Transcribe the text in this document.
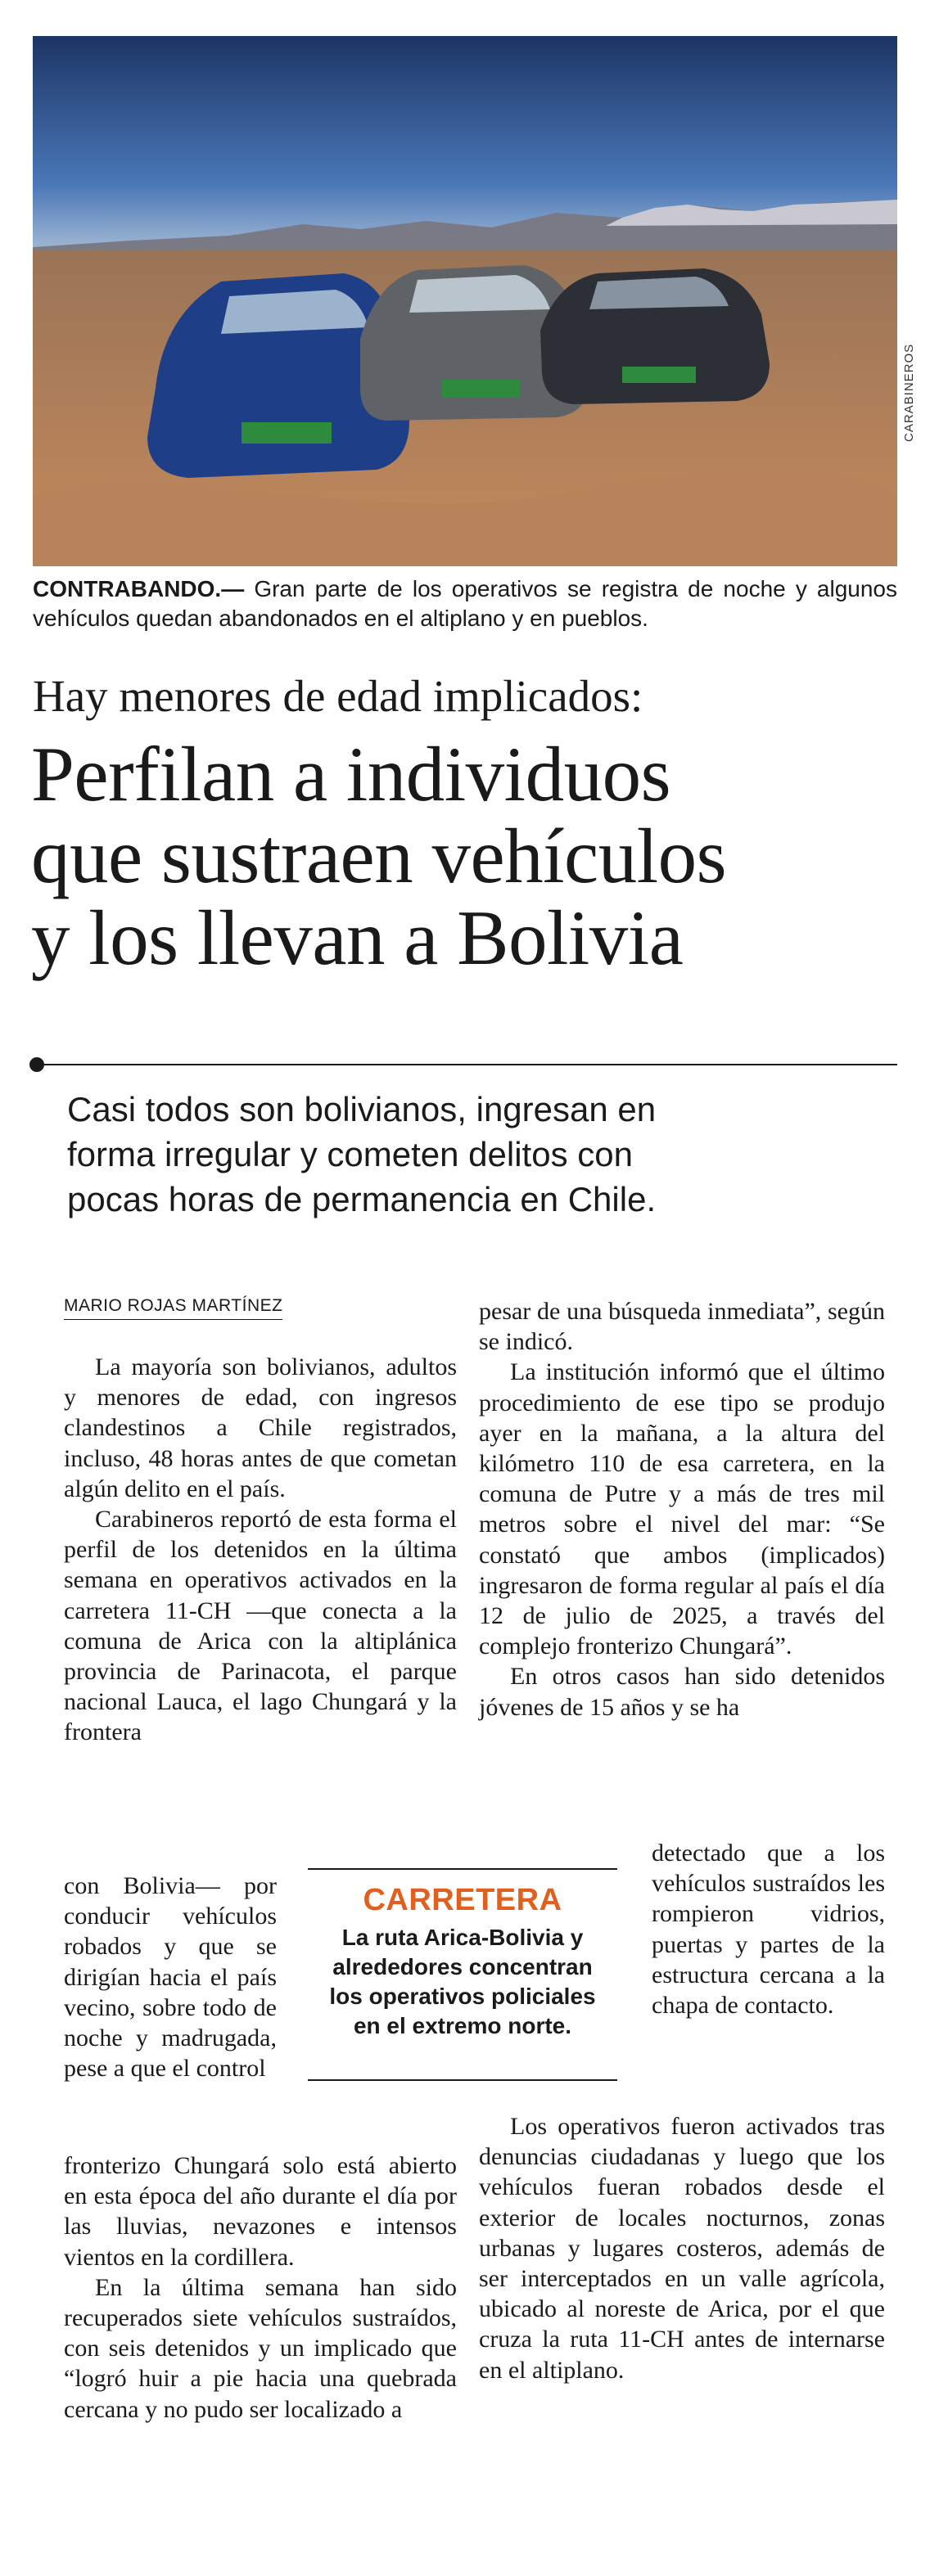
CARABINEROS
CONTRABANDO.— Gran parte de los operativos se registra de noche y algunos vehículos quedan abandonados en el altiplano y en pueblos.
Hay menores de edad implicados:
Perfilan a individuos
que sustraen vehículos
y los llevan a Bolivia
Casi todos son bolivianos, ingresan en
forma irregular y cometen delitos con
pocas horas de permanencia en Chile.
MARIO ROJAS MARTÍNEZ

La mayoría son bolivianos, adultos y menores de edad, con ingresos clandestinos a Chile registrados, incluso, 48 horas antes de que cometan algún delito en el país.

Carabineros reportó de esta forma el perfil de los detenidos en la última semana en operativos activados en la carretera 11-CH —que conecta a la comuna de Arica con la altiplánica provincia de Parinacota, el parque nacional Lauca, el lago Chungará y la frontera

con Bolivia— por conducir vehículos robados y que se dirigían hacia el país vecino, sobre todo de noche y madrugada, pese a que el control

fronterizo Chungará solo está abierto en esta época del año durante el día por las lluvias, nevazones e intensos vientos en la cordillera.

En la última semana han sido recuperados siete vehículos sustraídos, con seis detenidos y un implicado que “logró huir a pie hacia una quebrada cercana y no pudo ser localizado a

pesar de una búsqueda inmediata”, según se indicó.

La institución informó que el último procedimiento de ese tipo se produjo ayer en la mañana, a la altura del kilómetro 110 de esa carretera, en la comuna de Putre y a más de tres mil metros sobre el nivel del mar: “Se constató que ambos (implicados) ingresaron de forma regular al país el día 12 de julio de 2025, a través del complejo fronterizo Chungará”.

En otros casos han sido detenidos jóvenes de 15 años y se ha

detectado que a los vehículos sustraídos les rompieron vidrios, puertas y partes de la estructura cercana a la chapa de contacto.

Los operativos fueron activados tras denuncias ciudadanas y luego que los vehículos fueran robados desde el exterior de locales nocturnos, zonas urbanas y lugares costeros, además de ser interceptados en un valle agrícola, ubicado al noreste de Arica, por el que cruza la ruta 11-CH antes de internarse en el altiplano.

CARRETERA
La ruta Arica-Bolivia y
alrededores concentran
los operativos policiales
en el extremo norte.
